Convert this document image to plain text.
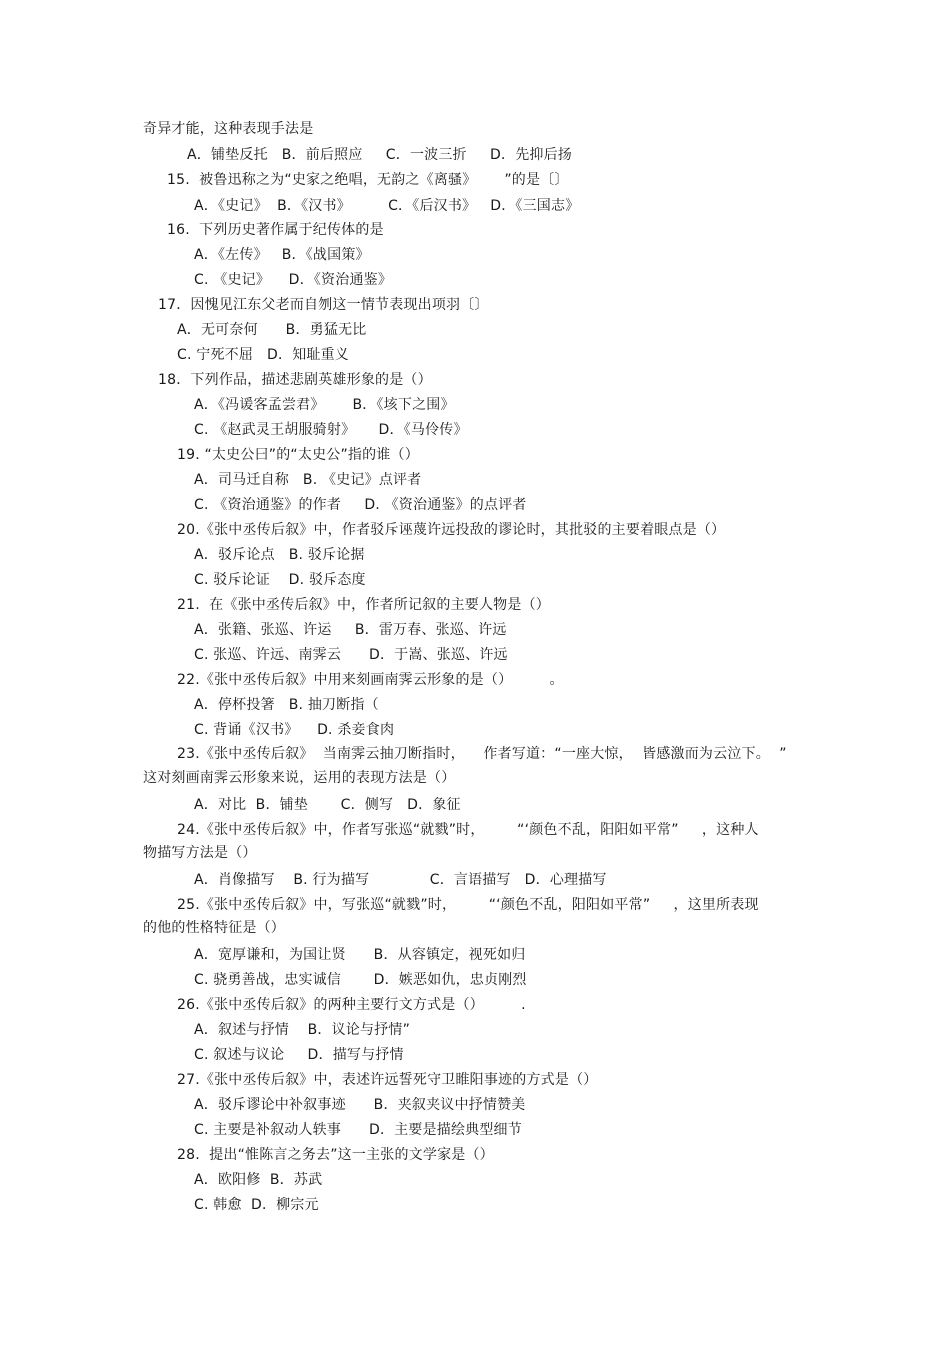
奇异才能，这种表现手法是
A．铺垫反托   B．前后照应     C．一波三折     D．先抑后扬
15.  被鲁迅称之为“史家之绝唱，无韵之《离骚》      ”的是〔〕
A．《史记》  B．《汉书》        C．《后汉书》   D．《三国志》
16.  下列历史著作属于纪传体的是
A．《左传》   B．《战国策》
C. 《史记》    D．《资治通鉴》
17．因愧见江东父老而自刎这一情节表现出项羽〔〕
A．无可奈何      B．勇猛无比
C. 宁死不屈   D．知耻重义
18．下列作品，描述悲剧英雄形象的是（）
A．《冯谖客孟尝君》      B．《垓下之围》
C. 《赵武灵王胡服骑射》     D．《马伶传》
19. “太史公曰”的“太史公”指的谁（）
A．司马迁自称   B. 《史记》点评者
C. 《资治通鉴》的作者     D. 《资治通鉴》的点评者
20.《张中丞传后叙》中，作者驳斥诬蔑许远投敌的谬论时，其批驳的主要着眼点是（）
A．驳斥论点   B. 驳斥论据
C. 驳斥论证    D. 驳斥态度
21.  在《张中丞传后叙》中，作者所记叙的主要人物是（）
A．张籍、张巡、许运     B．雷万春、张巡、许远
C. 张巡、许远、南霁云      D．于嵩、张巡、许远
22.《张中丞传后叙》中用来刻画南霁云形象的是（）        。
A．停杯投箸   B. 抽刀断指（
C. 背诵《汉书》    D. 杀妾食肉
23.《张中丞传后叙》  当南霁云抽刀断指时，    作者写道：“一座大惊，  皆感激而为云泣下。  ”
这对刻画南霁云形象来说，运用的表现方法是（）
A．对比  B．铺垫       C．侧写   D．象征
24.《张中丞传后叙》中，作者写张巡“就戮”时，       “‘颜色不乱，阳阳如平常”     ，这种人
物描写方法是（）
A．肖像描写    B. 行为描写             C．言语描写   D．心理描写
25.《张中丞传后叙》中，写张巡“就戮”时，       “‘颜色不乱，阳阳如平常”     ，这里所表现
的他的性格特征是（）
A．宽厚谦和，为国让贤      B．从容镇定，视死如归
C. 骁勇善战，忠实诚信       D．嫉恶如仇，忠贞刚烈
26.《张中丞传后叙》的两种主要行文方式是（）        .
A．叙述与抒情    B．议论与抒情”
C. 叙述与议论     D．描写与抒情
27.《张中丞传后叙》中，表述许远誓死守卫睢阳事迹的方式是（）
A．驳斥谬论中补叙事迹      B．夹叙夹议中抒情赞美
C. 主要是补叙动人轶事      D．主要是描绘典型细节
28.  提出“惟陈言之务去”这一主张的文学家是（）
A．欧阳修  B．苏武
C. 韩愈  D．柳宗元
